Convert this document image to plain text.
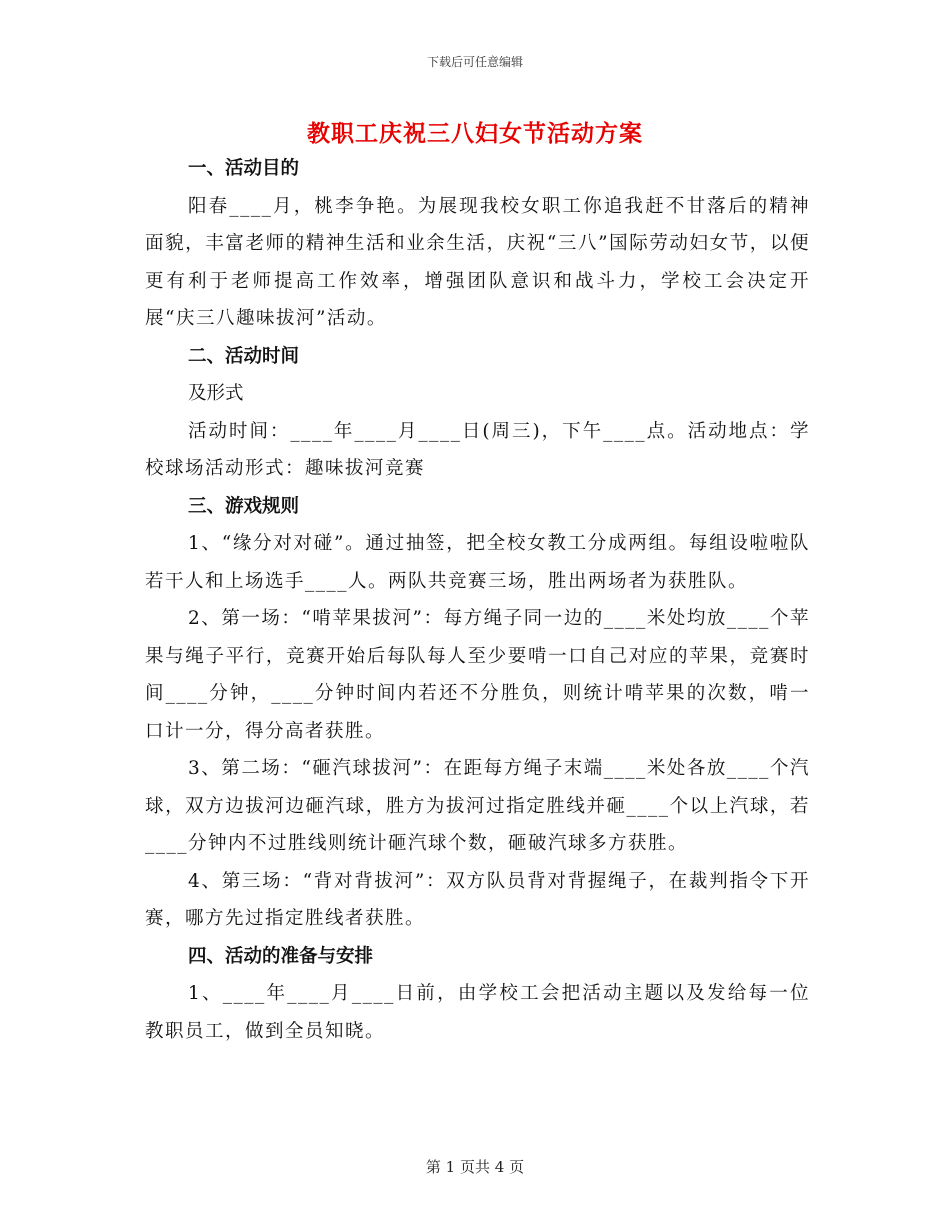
下载后可任意编辑
教职工庆祝三八妇女节活动方案
一、活动目的
阳春____月，桃李争艳。为展现我校女职工你追我赶不甘落后的精神面貌，丰富老师的精神生活和业余生活，庆祝“三八”国际劳动妇女节，以便更有利于老师提高工作效率，增强团队意识和战斗力，学校工会决定开展“庆三八趣味拔河”活动。
二、活动时间
及形式
活动时间：____年____月____日(周三)，下午____点。活动地点：学校球场活动形式：趣味拔河竞赛
三、游戏规则
1、“缘分对对碰”。通过抽签，把全校女教工分成两组。每组设啦啦队若干人和上场选手____人。两队共竞赛三场，胜出两场者为获胜队。
2、第一场：“啃苹果拔河”：每方绳子同一边的____米处均放____个苹果与绳子平行，竞赛开始后每队每人至少要啃一口自己对应的苹果，竞赛时间____分钟，____分钟时间内若还不分胜负，则统计啃苹果的次数，啃一口计一分，得分高者获胜。
3、第二场：“砸汽球拔河”：在距每方绳子末端____米处各放____个汽球，双方边拔河边砸汽球，胜方为拔河过指定胜线并砸____个以上汽球，若____分钟内不过胜线则统计砸汽球个数，砸破汽球多方获胜。
4、第三场：“背对背拔河”：双方队员背对背握绳子，在裁判指令下开赛，哪方先过指定胜线者获胜。
四、活动的准备与安排
1、____年____月____日前，由学校工会把活动主题以及发给每一位教职员工，做到全员知晓。
第 1 页共 4 页
